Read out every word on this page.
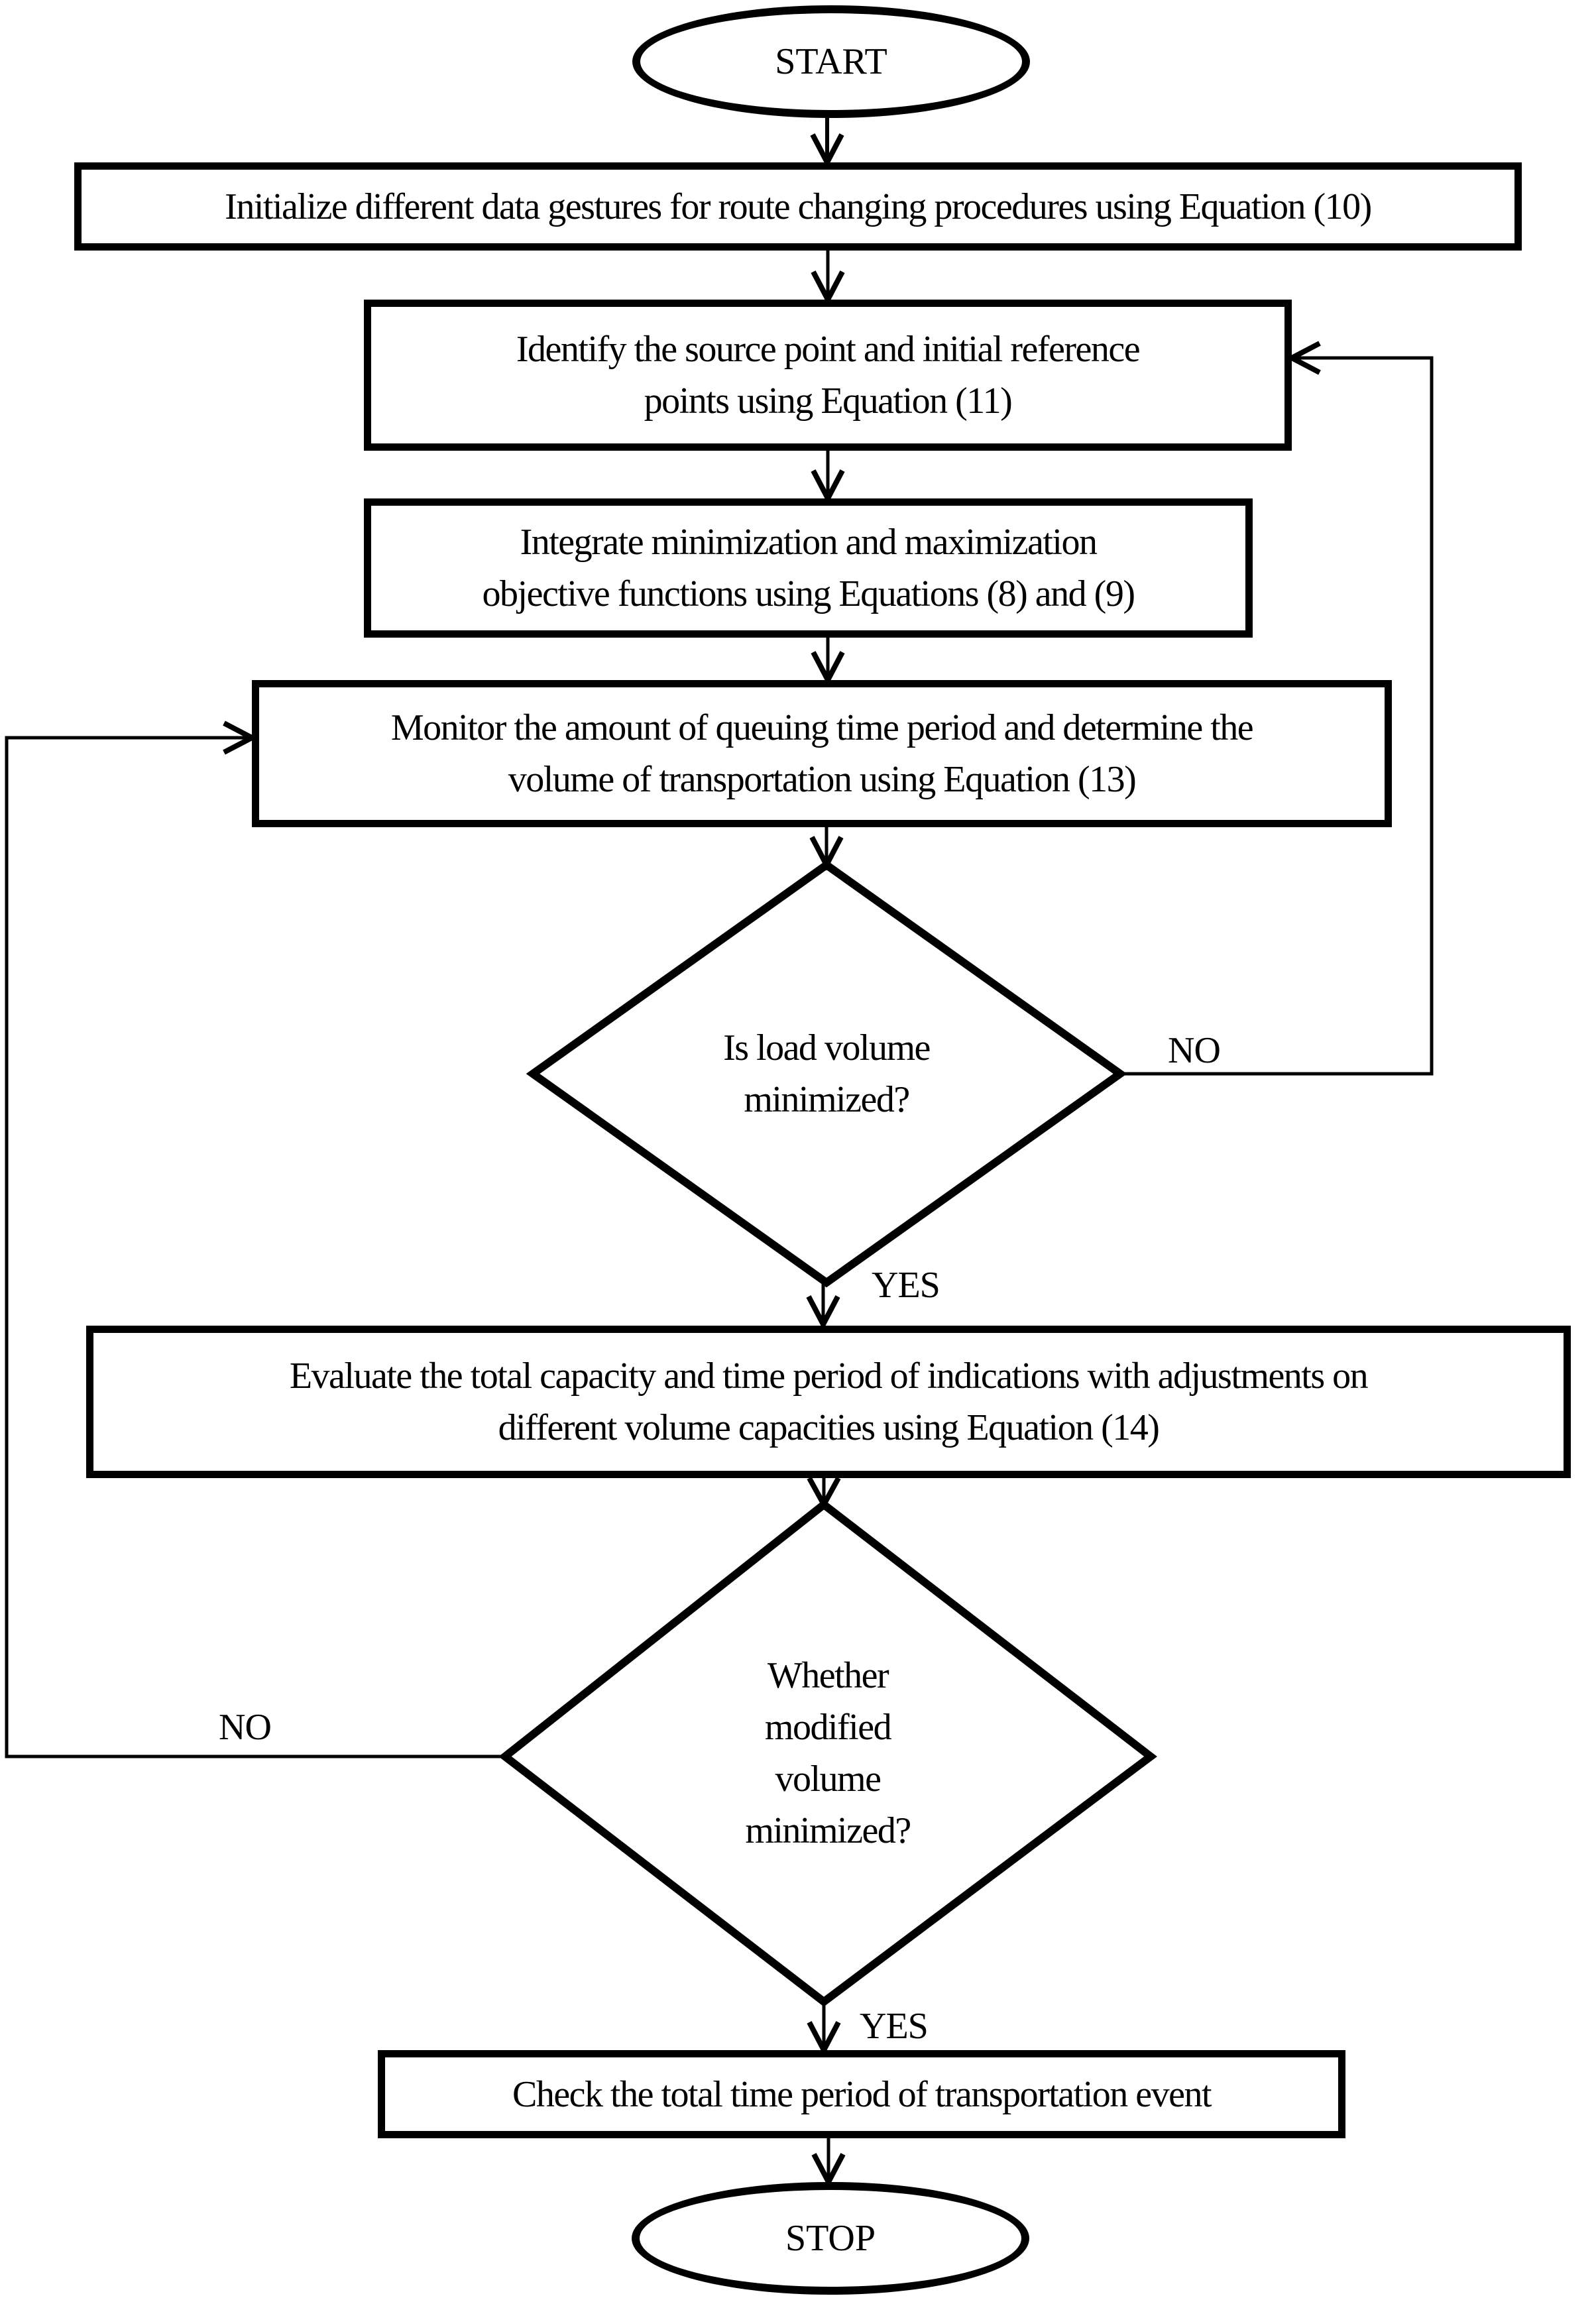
START
Initialize different data gestures for route changing procedures using Equation (10)
Identify the source point and initial reference
points using Equation (11)
Integrate minimization and maximization
objective functions using Equations (8) and (9)
Monitor the amount of queuing time period and determine the
volume of transportation using Equation (13)
Is load volume
minimized?
YES
NO
Evaluate the total capacity and time period of indications with adjustments on
different volume capacities using Equation (14)
Whether
modified
volume
minimized?
YES
NO
Check the total time period of transportation event
STOP
